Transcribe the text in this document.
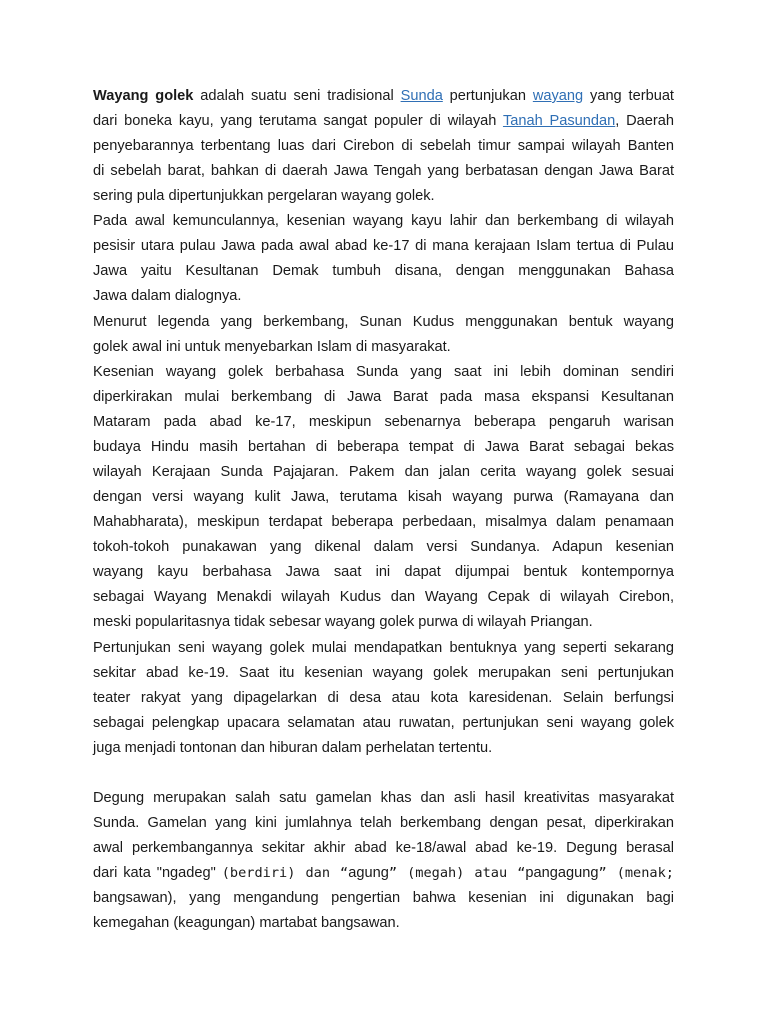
Wayang golek adalah suatu seni tradisional Sunda pertunjukan wayang yang terbuat
dari boneka kayu, yang terutama sangat populer di wilayah Tanah Pasundan, Daerah
penyebarannya terbentang luas dari Cirebon di sebelah timur sampai wilayah Banten
di sebelah barat, bahkan di daerah Jawa Tengah yang berbatasan dengan Jawa Barat
sering pula dipertunjukkan pergelaran wayang golek.
Pada awal kemunculannya, kesenian wayang kayu lahir dan berkembang di wilayah
pesisir utara pulau Jawa pada awal abad ke-17 di mana kerajaan Islam tertua di Pulau
Jawa yaitu Kesultanan Demak tumbuh disana, dengan menggunakan Bahasa
Jawa dalam dialognya.
Menurut legenda yang berkembang, Sunan Kudus menggunakan bentuk wayang
golek awal ini untuk menyebarkan Islam di masyarakat.
Kesenian wayang golek berbahasa Sunda yang saat ini lebih dominan sendiri
diperkirakan mulai berkembang di Jawa Barat pada masa ekspansi Kesultanan
Mataram pada abad ke-17, meskipun sebenarnya beberapa pengaruh warisan
budaya Hindu masih bertahan di beberapa tempat di Jawa Barat sebagai bekas
wilayah Kerajaan Sunda Pajajaran. Pakem dan jalan cerita wayang golek sesuai
dengan versi wayang kulit Jawa, terutama kisah wayang purwa (Ramayana dan
Mahabharata), meskipun terdapat beberapa perbedaan, misalmya dalam penamaan
tokoh-tokoh punakawan yang dikenal dalam versi Sundanya. Adapun kesenian
wayang kayu berbahasa Jawa saat ini dapat dijumpai bentuk kontempornya
sebagai Wayang Menakdi wilayah Kudus dan Wayang Cepak di wilayah Cirebon,
meski popularitasnya tidak sebesar wayang golek purwa di wilayah Priangan.
Pertunjukan seni wayang golek mulai mendapatkan bentuknya yang seperti sekarang
sekitar abad ke-19. Saat itu kesenian wayang golek merupakan seni pertunjukan
teater rakyat yang dipagelarkan di desa atau kota karesidenan. Selain berfungsi
sebagai pelengkap upacara selamatan atau ruwatan, pertunjukan seni wayang golek
juga menjadi tontonan dan hiburan dalam perhelatan tertentu.
Degung merupakan salah satu gamelan khas dan asli hasil kreativitas masyarakat
Sunda. Gamelan yang kini jumlahnya telah berkembang dengan pesat, diperkirakan
awal perkembangannya sekitar akhir abad ke-18/awal abad ke-19. Degung berasal
dari kata "ngadeg" (berdiri) dan “agung” (megah) atau “pangagung” (menak;
bangsawan), yang mengandung pengertian bahwa kesenian ini digunakan bagi
kemegahan (keagungan) martabat bangsawan.
